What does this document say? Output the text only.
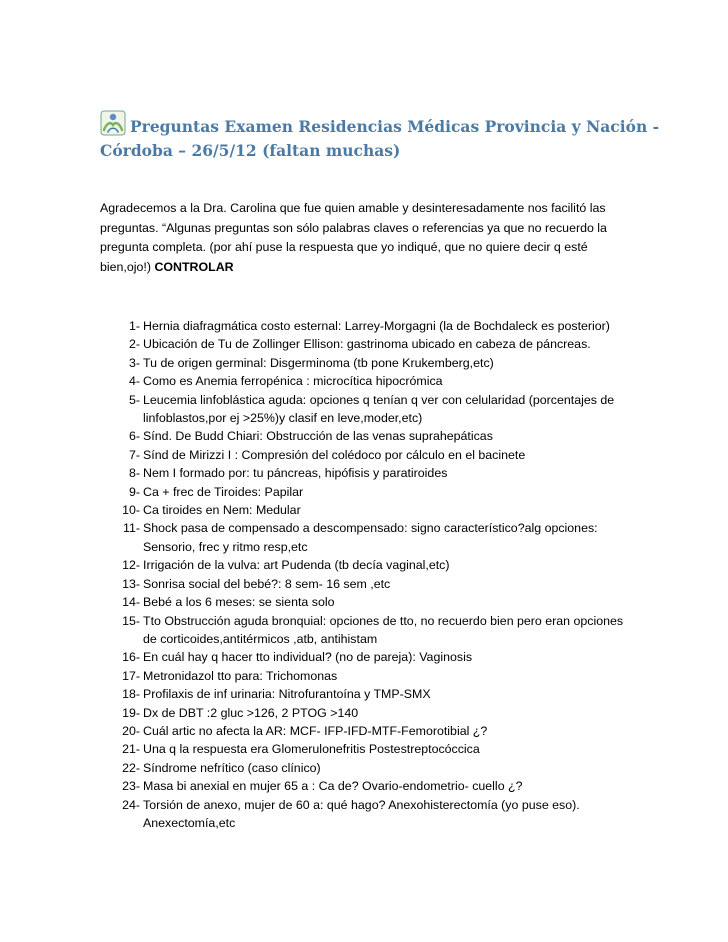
Preguntas Examen Residencias Médicas Provincia y Nación -
Córdoba – 26/5/12 (faltan muchas)
Agradecemos a la Dra. Carolina que fue quien amable y desinteresadamente nos facilitó las preguntas. “Algunas preguntas son sólo palabras claves o referencias ya que no recuerdo la pregunta completa. (por ahí puse la respuesta que yo indiqué, que no quiere decir q esté bien,ojo!) CONTROLAR
1- Hernia diafragmática costo esternal: Larrey-Morgagni (la de Bochdaleck es posterior)
2- Ubicación de Tu de Zollinger Ellison: gastrinoma ubicado en cabeza de páncreas.
3- Tu de origen germinal: Disgerminoma (tb pone Krukemberg,etc)
4- Como es Anemia ferropénica : microcítica hipocrómica
5- Leucemia linfoblástica aguda: opciones q tenían q ver con celularidad (porcentajes de linfoblastos,por ej >25%)y clasif en leve,moder,etc)
6- Sínd. De Budd Chiari: Obstrucción de las venas suprahepáticas
7- Sínd de Mirizzi I : Compresión del colédoco por cálculo en el bacinete
8- Nem I formado por: tu páncreas, hipófisis y paratiroides
9- Ca + frec de Tiroides: Papilar
10- Ca tiroides en Nem: Medular
11- Shock pasa de compensado a descompensado: signo característico?alg opciones: Sensorio, frec y ritmo resp,etc
12- Irrigación de la vulva: art Pudenda (tb decía vaginal,etc)
13- Sonrisa social del bebé?: 8 sem- 16 sem ,etc
14- Bebé a los 6 meses: se sienta solo
15- Tto Obstrucción aguda bronquial: opciones de tto, no recuerdo bien pero eran opciones de corticoides,antitérmicos ,atb, antihistam
16- En cuál hay q hacer tto individual? (no de pareja): Vaginosis
17- Metronidazol tto para: Trichomonas
18- Profilaxis de inf urinaria: Nitrofurantoína y TMP-SMX
19- Dx de DBT :2 gluc >126, 2 PTOG >140
20- Cuál artic no afecta la AR: MCF- IFP-IFD-MTF-Femorotibial ¿?
21- Una q la respuesta era Glomerulonefritis Postestreptocóccica
22- Síndrome nefrítico (caso clínico)
23- Masa bi anexial en mujer 65 a : Ca de? Ovario-endometrio- cuello ¿?
24- Torsión de anexo, mujer de 60 a: qué hago? Anexohisterectomía (yo puse eso). Anexectomía,etc
